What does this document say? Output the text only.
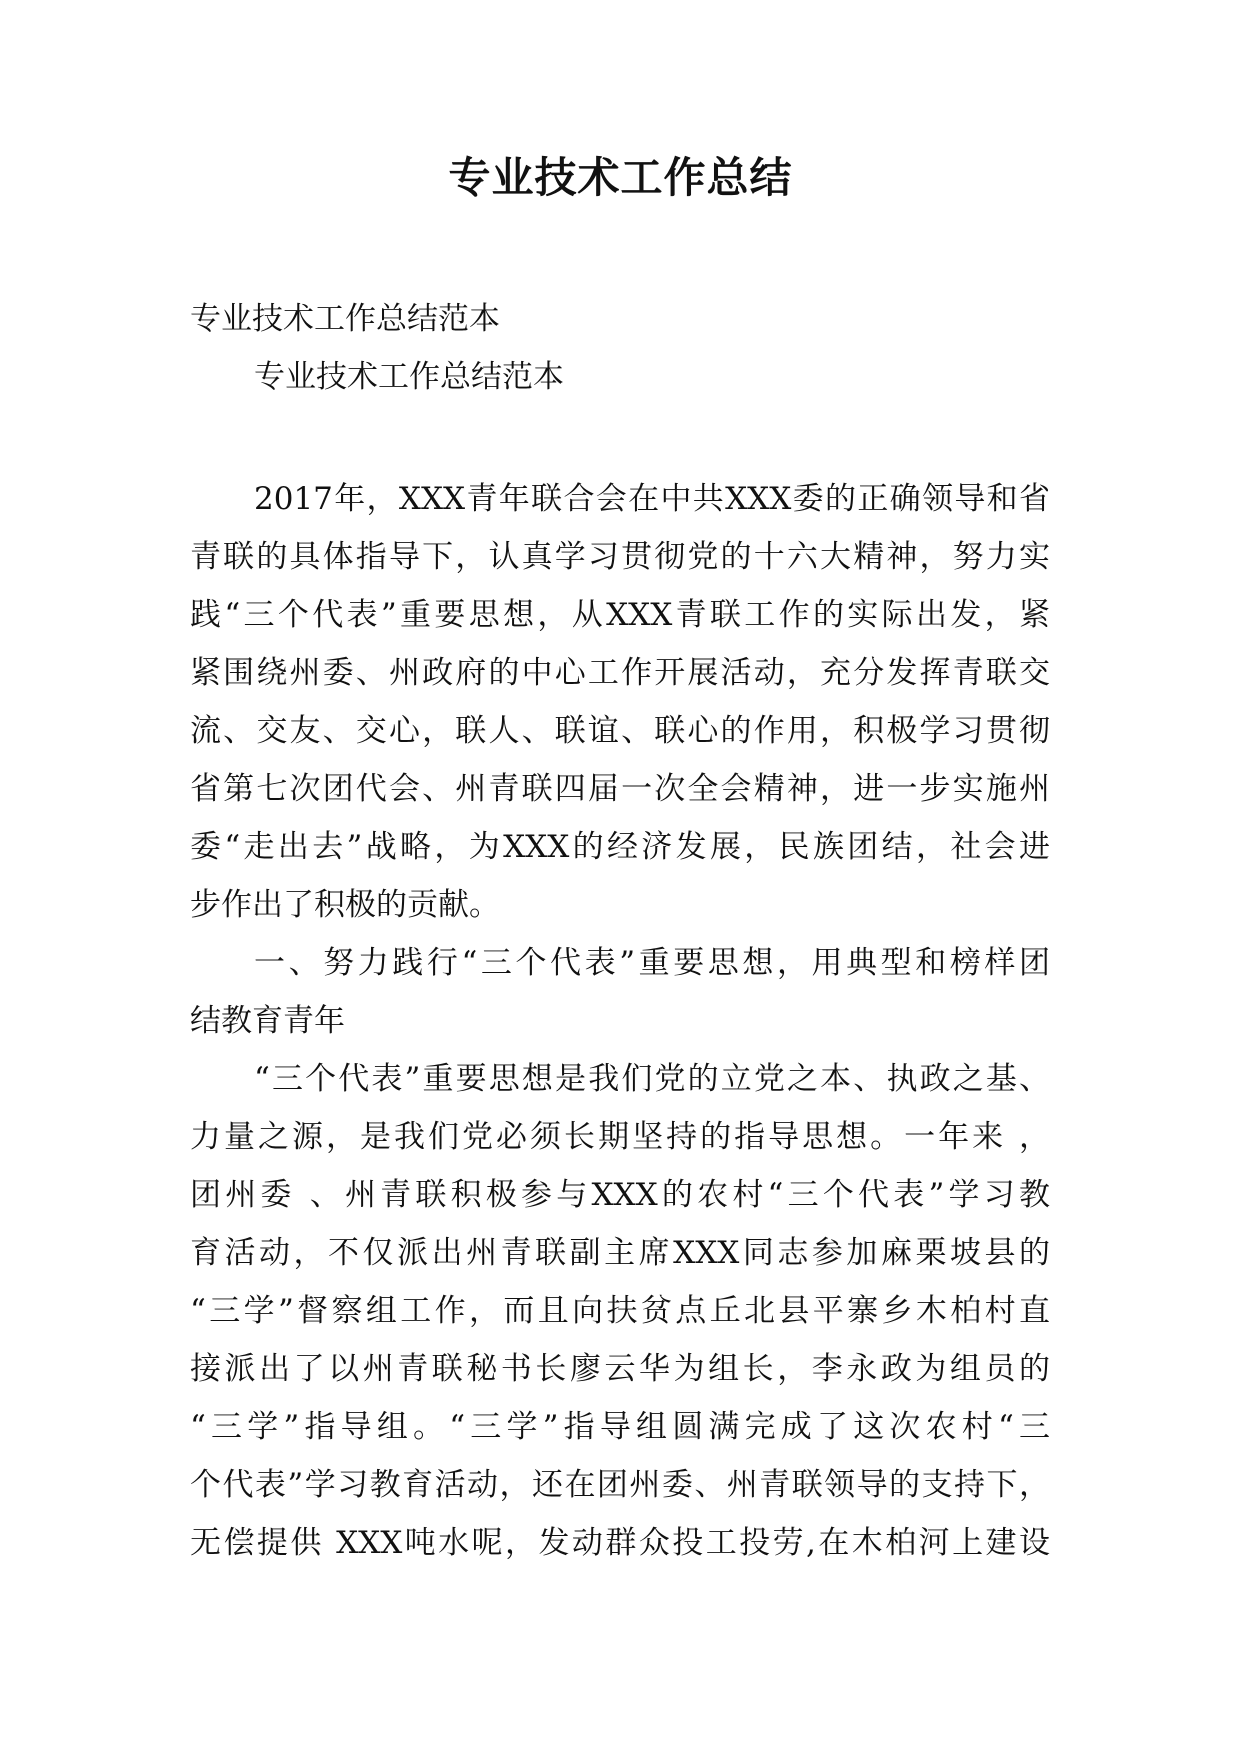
专业技术工作总结
专业技术工作总结范本
专业技术工作总结范本
2017年，XXX青年联合会在中共XXX委的正确领导和省
青联的具体指导下，认真学习贯彻党的十六大精神，努力实
践“三个代表”重要思想，从XXX青联工作的实际出发，紧
紧围绕州委、州政府的中心工作开展活动，充分发挥青联交
流、交友、交心，联人、联谊、联心的作用，积极学习贯彻
省第七次团代会、州青联四届一次全会精神，进一步实施州
委“走出去”战略，为XXX的经济发展，民族团结，社会进
步作出了积极的贡献。
一、努力践行“三个代表”重要思想，用典型和榜样团
结教育青年
“三个代表”重要思想是我们党的立党之本、执政之基、
力量之源，是我们党必须长期坚持的指导思想。一年来 ，
团州委 、州青联积极参与XXX的农村“三个代表”学习教
育活动，不仅派出州青联副主席XXX同志参加麻栗坡县的
“三学”督察组工作，而且向扶贫点丘北县平寨乡木柏村直
接派出了以州青联秘书长廖云华为组长，李永政为组员的
“三学”指导组。“三学”指导组圆满完成了这次农村“三
个代表”学习教育活动，还在团州委、州青联领导的支持下，
无偿提供 XXX吨水呢，发动群众投工投劳,在木柏河上建设
